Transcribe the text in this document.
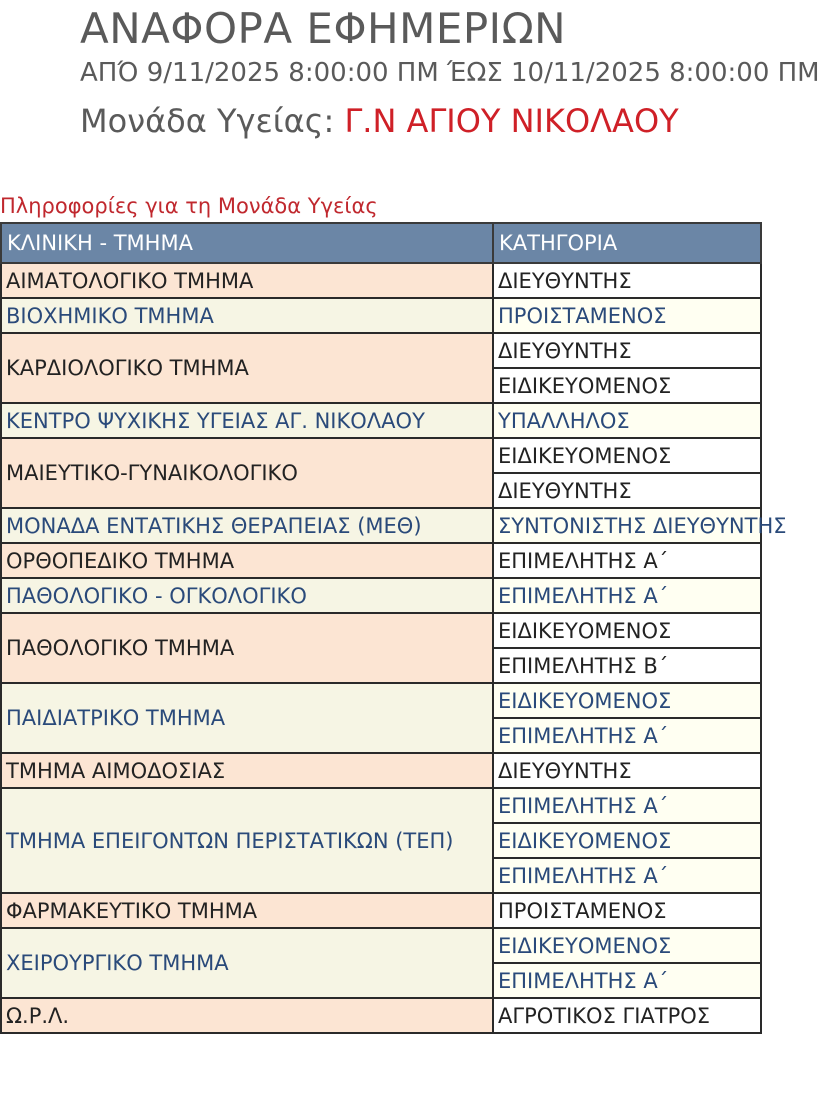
ΑΝΑΦΟΡΑ ΕΦΗΜΕΡΙΩΝ
ΑΠΌ 9/11/2025 8:00:00 ΠΜ ΈΩΣ 10/11/2025 8:00:00 ΠΜ
Μονάδα Υγείας: Γ.Ν ΑΓΙΟΥ ΝΙΚΟΛΑΟΥ
Πληροφορίες για τη Μονάδα Υγείας
ΚΛΙΝΙΚΗ - ΤΜΗΜΑ	ΚΑΤΗΓΟΡΙΑ
ΑΙΜΑΤΟΛΟΓΙΚΟ ΤΜΗΜΑ	ΔΙΕΥΘΥΝΤΗΣ
ΒΙΟΧΗΜΙΚΟ ΤΜΗΜΑ	ΠΡΟΙΣΤΑΜΕΝΟΣ
ΚΑΡΔΙΟΛΟΓΙΚΟ ΤΜΗΜΑ	ΔΙΕΥΘΥΝΤΗΣ
	ΕΙΔΙΚΕΥΟΜΕΝΟΣ
ΚΕΝΤΡΟ ΨΥΧΙΚΗΣ ΥΓΕΙΑΣ ΑΓ. ΝΙΚΟΛΑΟΥ	ΥΠΑΛΛΗΛΟΣ
ΜΑΙΕΥΤΙΚΟ-ΓΥΝΑΙΚΟΛΟΓΙΚΟ	ΕΙΔΙΚΕΥΟΜΕΝΟΣ
	ΔΙΕΥΘΥΝΤΗΣ
ΜΟΝΑΔΑ ΕΝΤΑΤΙΚΗΣ ΘΕΡΑΠΕΙΑΣ (ΜΕΘ)	ΣΥΝΤΟΝΙΣΤΗΣ ΔΙΕΥΘΥΝΤΗΣ
ΟΡΘΟΠΕΔΙΚΟ ΤΜΗΜΑ	ΕΠΙΜΕΛΗΤΗΣ Α΄
ΠΑΘΟΛΟΓΙΚΟ - ΟΓΚΟΛΟΓΙΚΟ	ΕΠΙΜΕΛΗΤΗΣ Α΄
ΠΑΘΟΛΟΓΙΚΟ ΤΜΗΜΑ	ΕΙΔΙΚΕΥΟΜΕΝΟΣ
	ΕΠΙΜΕΛΗΤΗΣ Β΄
ΠΑΙΔΙΑΤΡΙΚΟ ΤΜΗΜΑ	ΕΙΔΙΚΕΥΟΜΕΝΟΣ
	ΕΠΙΜΕΛΗΤΗΣ Α΄
ΤΜΗΜΑ ΑΙΜΟΔΟΣΙΑΣ	ΔΙΕΥΘΥΝΤΗΣ
ΤΜΗΜΑ ΕΠΕΙΓΟΝΤΩΝ ΠΕΡΙΣΤΑΤΙΚΩΝ (ΤΕΠ)	ΕΠΙΜΕΛΗΤΗΣ Α΄
	ΕΙΔΙΚΕΥΟΜΕΝΟΣ
	ΕΠΙΜΕΛΗΤΗΣ Α΄
ΦΑΡΜΑΚΕΥΤΙΚΟ ΤΜΗΜΑ	ΠΡΟΙΣΤΑΜΕΝΟΣ
ΧΕΙΡΟΥΡΓΙΚΟ ΤΜΗΜΑ	ΕΙΔΙΚΕΥΟΜΕΝΟΣ
	ΕΠΙΜΕΛΗΤΗΣ Α΄
Ω.Ρ.Λ.	ΑΓΡΟΤΙΚΟΣ ΓΙΑΤΡΟΣ
